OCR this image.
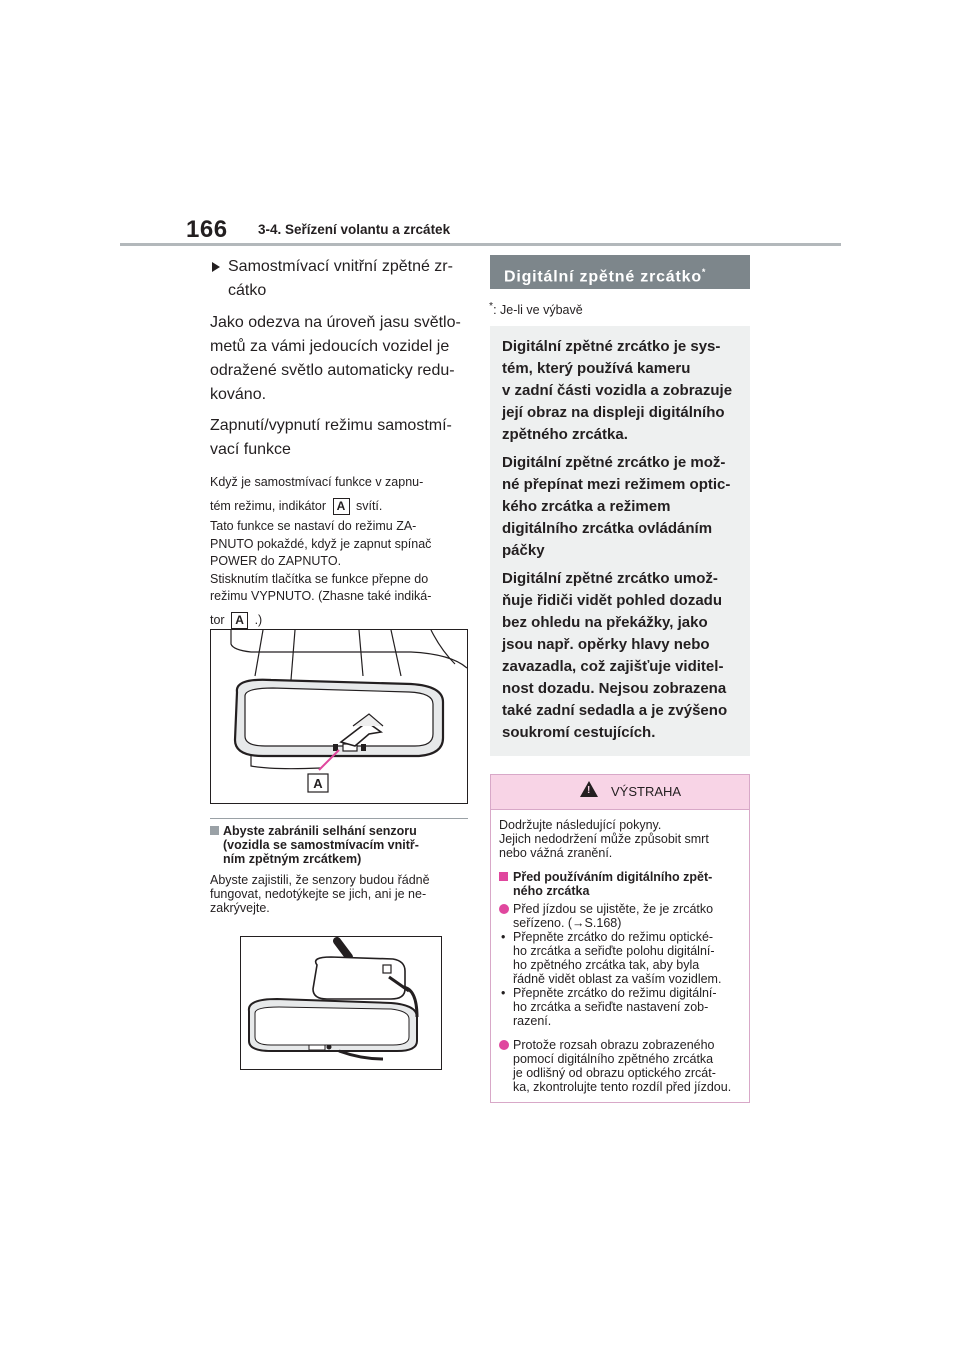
166 3-4. Seřízení volantu a zrcátek
Samostmívací vnitřní zpětné zr-
cátko
Jako odezva na úroveň jasu světlo-
metů za vámi jedoucích vozidel je
odražené světlo automaticky redu-
kováno.
Zapnutí/vypnutí režimu samostmí-
vací funkce
Když je samostmívací funkce v zapnu-
tém režimu, indikátor A svítí.
Tato funkce se nastaví do režimu ZA-
PNUTO pokaždé, když je zapnut spínač
POWER do ZAPNUTO.
Stisknutím tlačítka se funkce přepne do
režimu VYPNUTO. (Zhasne také indiká-
tor A .)
A
Abyste zabránili selhání senzoru
(vozidla se samostmívacím vnitř-
ním zpětným zrcátkem)
Abyste zajistili, že senzory budou řádně
fungovat, nedotýkejte se jich, ani je ne-
zakrývejte.
Digitální zpětné zrcátko*
*: Je-li ve výbavě

Digitální zpětné zrcátko je sys-
tém, který používá kameru
v zadní části vozidla a zobrazuje
její obraz na displeji digitálního
zpětného zrcátka.

Digitální zpětné zrcátko je mož-
né přepínat mezi režimem optic-
kého zrcátka a režimem
digitálního zrcátka ovládáním
páčky

Digitální zpětné zrcátko umož-
ňuje řidiči vidět pohled dozadu
bez ohledu na překážky, jako
jsou např. opěrky hlavy nebo
zavazadla, což zajišťuje viditel-
nost dozadu. Nejsou zobrazena
také zadní sedadla a je zvýšeno
soukromí cestujících.

! VÝSTRAHA

Dodržujte následující pokyny.

Jejich nedodržení může způsobit smrt

nebo vážná zranění.

Před používáním digitálního zpět-
ného zrcátka

Před jízdou se ujistěte, že je zrcátko
seřízeno. (→S.168)

• Přepněte zrcátko do režimu optické-
ho zrcátka a seřiďte polohu digitální-
ho zpětného zrcátka tak, aby byla
řádně vidět oblast za vaším vozidlem.

• Přepněte zrcátko do režimu digitální-
ho zrcátka a seřiďte nastavení zob-
razení.

Protože rozsah obrazu zobrazeného
pomocí digitálního zpětného zrcátka
je odlišný od obrazu optického zrcát-
ka, zkontrolujte tento rozdíl před jízdou.
